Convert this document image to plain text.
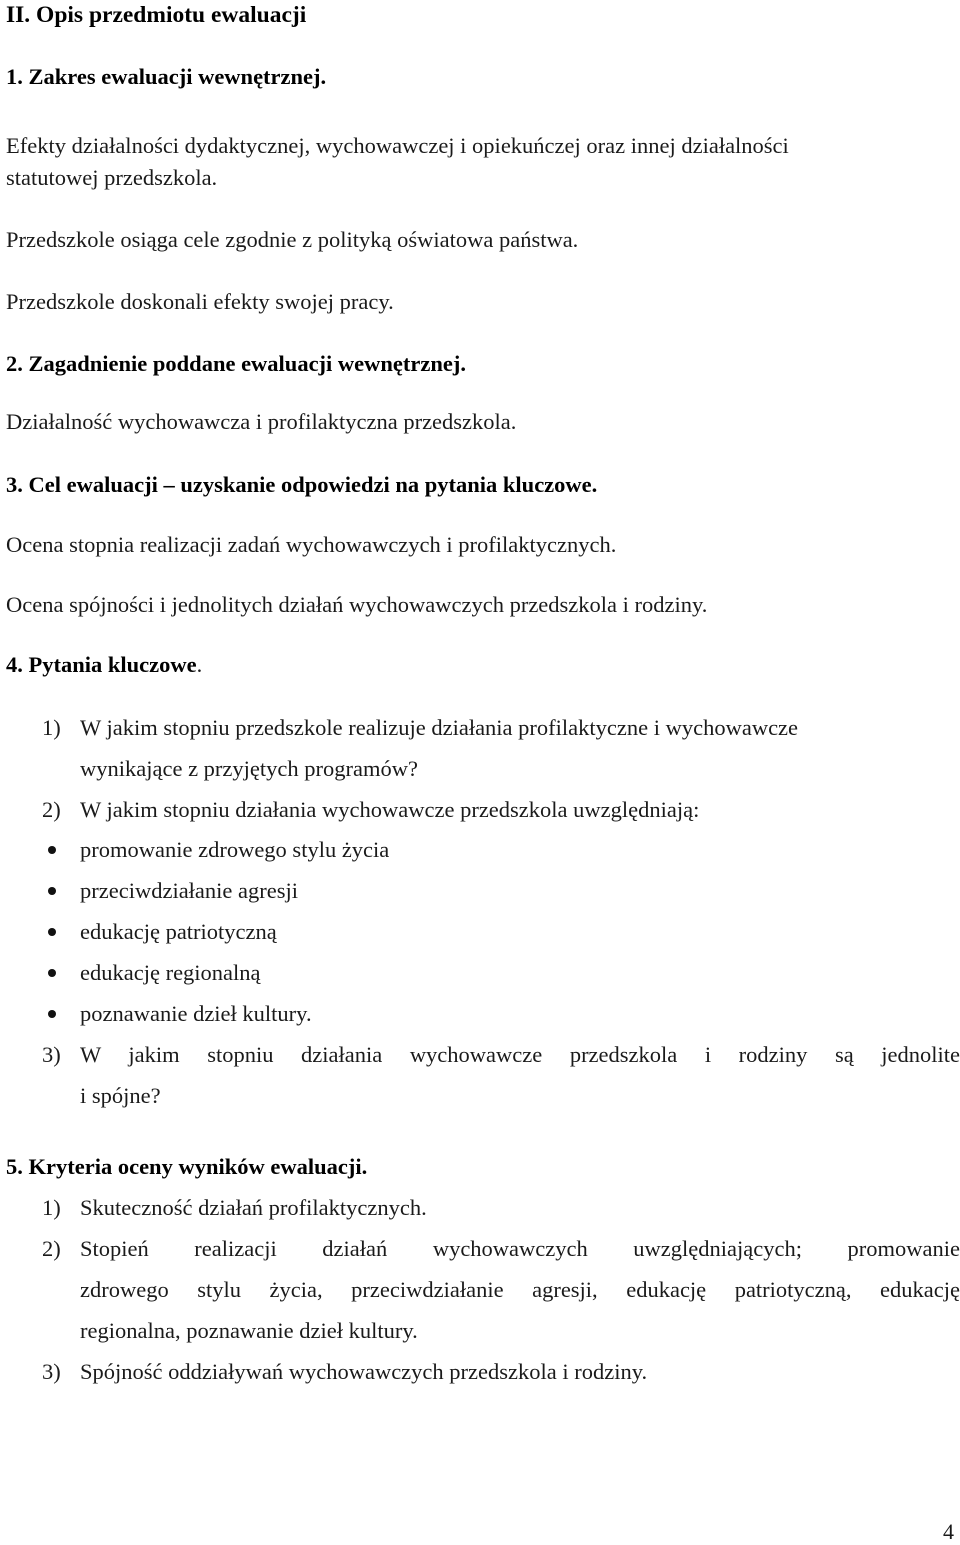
II. Opis przedmiotu ewaluacji
1. Zakres ewaluacji wewnętrznej.
Efekty działalności dydaktycznej, wychowawczej i opiekuńczej oraz innej działalności
statutowej przedszkola.
Przedszkole osiąga cele zgodnie z polityką oświatowa państwa.
Przedszkole doskonali efekty swojej pracy.
2. Zagadnienie poddane ewaluacji wewnętrznej.
Działalność wychowawcza i profilaktyczna przedszkola.
3. Cel ewaluacji – uzyskanie odpowiedzi na pytania kluczowe.
Ocena stopnia realizacji zadań wychowawczych i profilaktycznych.
Ocena spójności i jednolitych działań wychowawczych przedszkola i rodziny.
4. Pytania kluczowe.
1) W jakim stopniu przedszkole realizuje działania profilaktyczne i wychowawcze
wynikające z przyjętych programów?
2) W jakim stopniu działania wychowawcze przedszkola uwzględniają:
promowanie zdrowego stylu życia
przeciwdziałanie agresji
edukację patriotyczną
edukację regionalną
poznawanie dzieł kultury.
3) W jakim stopniu działania wychowawcze przedszkola i rodziny są jednolite
i spójne?
5. Kryteria oceny wyników ewaluacji.
1) Skuteczność działań profilaktycznych.
2) Stopień realizacji działań wychowawczych uwzględniających; promowanie
zdrowego stylu życia, przeciwdziałanie agresji, edukację patriotyczną, edukację
regionalna, poznawanie dzieł kultury.
3) Spójność oddziaływań wychowawczych przedszkola i rodziny.
4
